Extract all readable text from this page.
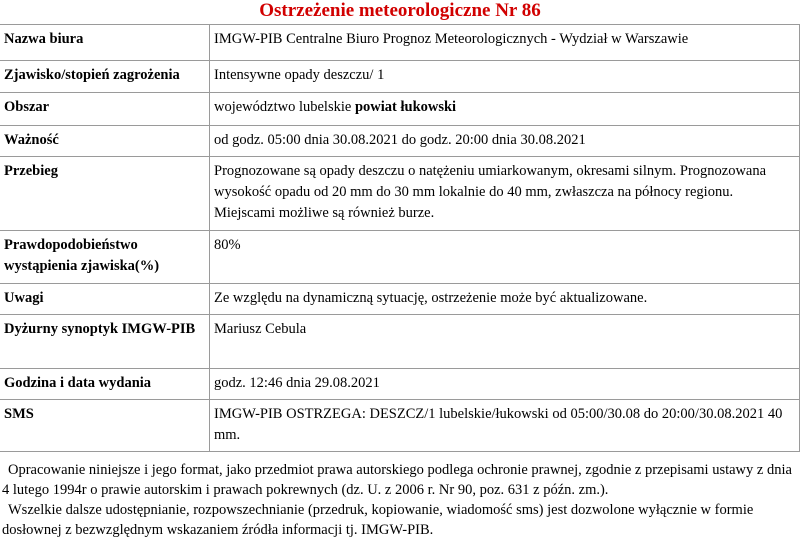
Ostrzeżenie meteorologiczne Nr 86
Nazwa biura	IMGW-PIB Centralne Biuro Prognoz Meteorologicznych - Wydział w Warszawie
Zjawisko/stopień zagrożenia	Intensywne opady deszczu/ 1
Obszar	województwo lubelskie powiat łukowski
Ważność	od godz. 05:00 dnia 30.08.2021 do godz. 20:00 dnia 30.08.2021
Przebieg	Prognozowane są opady deszczu o natężeniu umiarkowanym, okresami silnym. Prognozowana wysokość opadu od 20 mm do 30 mm lokalnie do 40 mm, zwłaszcza na północy regionu. Miejscami możliwe są również burze.
Prawdopodobieństwo wystąpienia zjawiska(%)	80%
Uwagi	Ze względu na dynamiczną sytuację, ostrzeżenie może być aktualizowane.
Dyżurny synoptyk IMGW-PIB	Mariusz Cebula
Godzina i data wydania	godz. 12:46 dnia 29.08.2021
SMS	IMGW-PIB OSTRZEGA: DESZCZ/1 lubelskie/łukowski od 05:00/30.08 do 20:00/30.08.2021 40 mm.

Opracowanie niniejsze i jego format, jako przedmiot prawa autorskiego podlega ochronie prawnej, zgodnie z przepisami ustawy z dnia 4 lutego 1994r o prawie autorskim i prawach pokrewnych (dz. U. z 2006 r. Nr 90, poz. 631 z późn. zm.).

Wszelkie dalsze udostępnianie, rozpowszechnianie (przedruk, kopiowanie, wiadomość sms) jest dozwolone wyłącznie w formie dosłownej z bezwzględnym wskazaniem źródła informacji tj. IMGW-PIB.
